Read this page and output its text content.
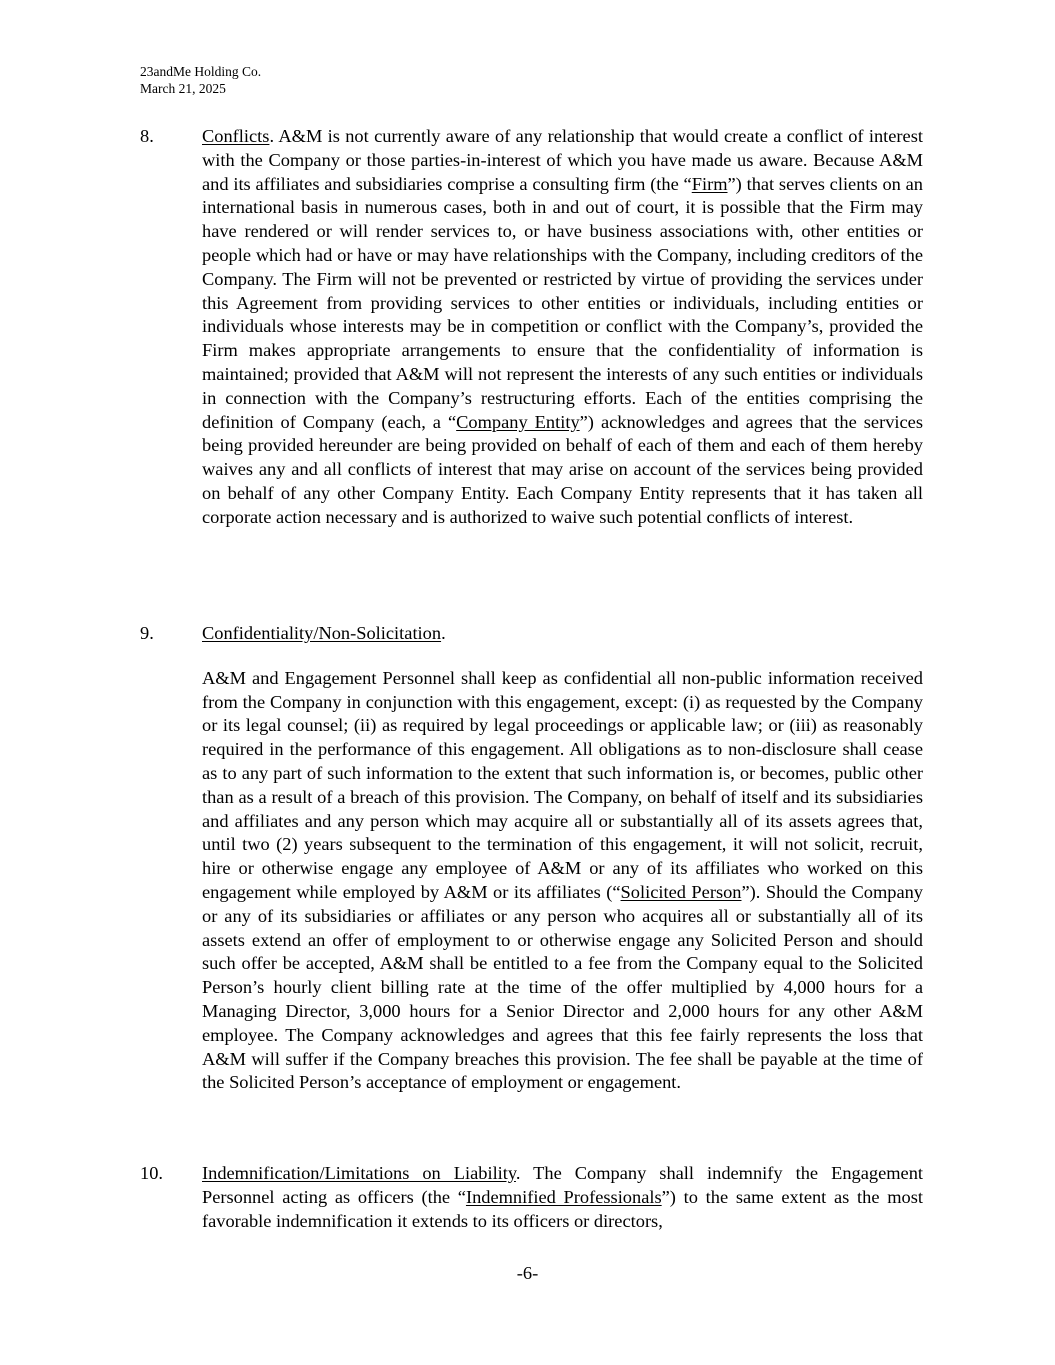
23andMe Holding Co.
March 21, 2025
8.	Conflicts. A&M is not currently aware of any relationship that would create a conflict of interest with the Company or those parties-in-interest of which you have made us aware. Because A&M and its affiliates and subsidiaries comprise a consulting firm (the “Firm”) that serves clients on an international basis in numerous cases, both in and out of court, it is possible that the Firm may have rendered or will render services to, or have business associations with, other entities or people which had or have or may have relationships with the Company, including creditors of the Company. The Firm will not be prevented or restricted by virtue of providing the services under this Agreement from providing services to other entities or individuals, including entities or individuals whose interests may be in competition or conflict with the Company’s, provided the Firm makes appropriate arrangements to ensure that the confidentiality of information is maintained; provided that A&M will not represent the interests of any such entities or individuals in connection with the Company’s restructuring efforts. Each of the entities comprising the definition of Company (each, a “Company Entity”) acknowledges and agrees that the services being provided hereunder are being provided on behalf of each of them and each of them hereby waives any and all conflicts of interest that may arise on account of the services being provided on behalf of any other Company Entity. Each Company Entity represents that it has taken all corporate action necessary and is authorized to waive such potential conflicts of interest.

9.	Confidentiality/Non-Solicitation.

A&M and Engagement Personnel shall keep as confidential all non-public information received from the Company in conjunction with this engagement, except: (i) as requested by the Company or its legal counsel; (ii) as required by legal proceedings or applicable law; or (iii) as reasonably required in the performance of this engagement. All obligations as to non-disclosure shall cease as to any part of such information to the extent that such information is, or becomes, public other than as a result of a breach of this provision. The Company, on behalf of itself and its subsidiaries and affiliates and any person which may acquire all or substantially all of its assets agrees that, until two (2) years subsequent to the termination of this engagement, it will not solicit, recruit, hire or otherwise engage any employee of A&M or any of its affiliates who worked on this engagement while employed by A&M or its affiliates (“Solicited Person”). Should the Company or any of its subsidiaries or affiliates or any person who acquires all or substantially all of its assets extend an offer of employment to or otherwise engage any Solicited Person and should such offer be accepted, A&M shall be entitled to a fee from the Company equal to the Solicited Person’s hourly client billing rate at the time of the offer multiplied by 4,000 hours for a Managing Director, 3,000 hours for a Senior Director and 2,000 hours for any other A&M employee. The Company acknowledges and agrees that this fee fairly represents the loss that A&M will suffer if the Company breaches this provision. The fee shall be payable at the time of the Solicited Person’s acceptance of employment or engagement.

10.	Indemnification/Limitations on Liability. The Company shall indemnify the Engagement Personnel acting as officers (the “Indemnified Professionals”) to the same extent as the most favorable indemnification it extends to its officers or directors,

-6-
